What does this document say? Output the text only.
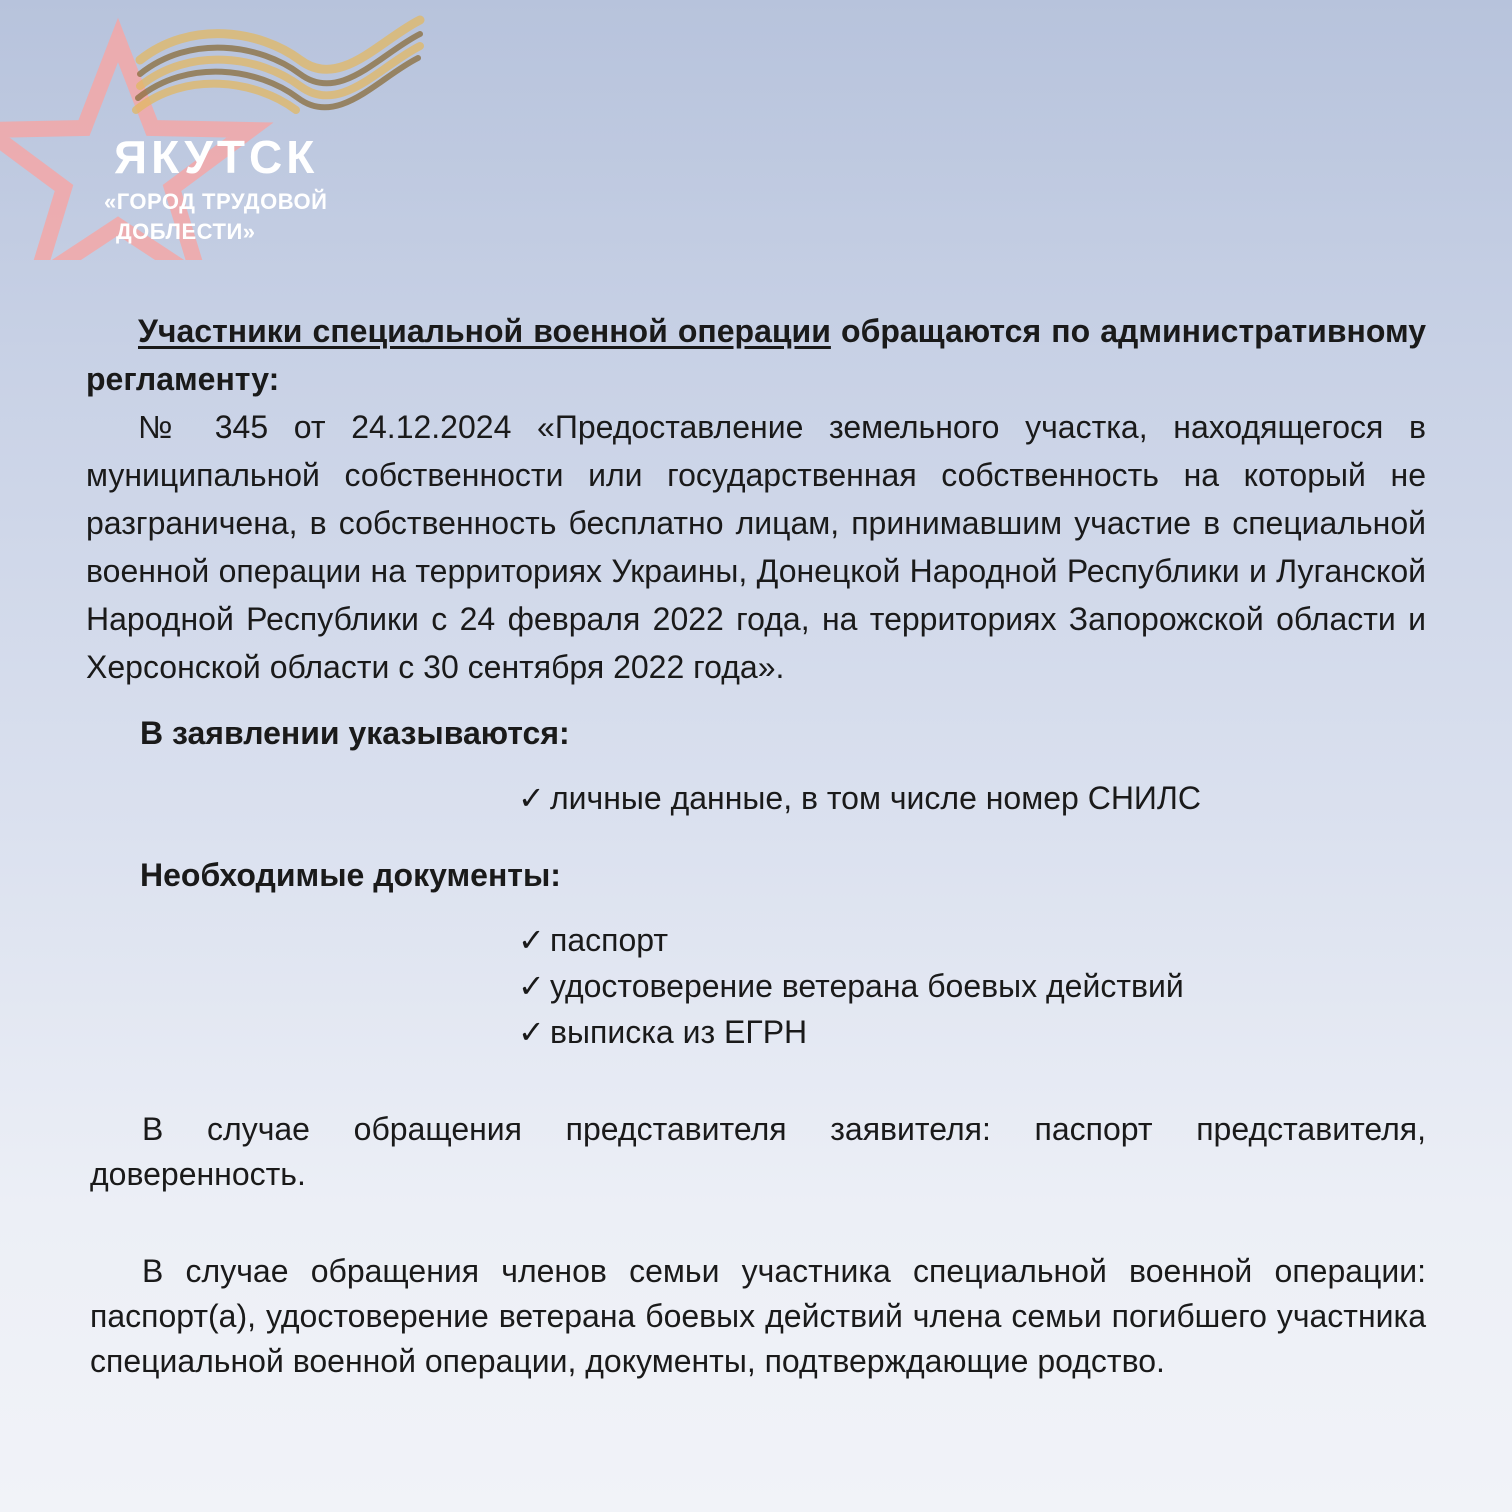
ЯКУТСК
«ГОРОД ТРУДОВОЙ
ДОБЛЕСТИ»

Участники специальной военной операции обращаются по административному регламенту:

№ 345 от 24.12.2024 «Предоставление земельного участка, находящегося в муниципальной собственности или государственная собственность на который не разграничена, в собственность бесплатно лицам, принимавшим участие в специальной военной операции на территориях Украины, Донецкой Народной Республики и Луганской Народной Республики с 24 февраля 2022 года, на территориях Запорожской области и Херсонской области с 30 сентября 2022 года».

В заявлении указываются:

✓ личные данные, в том числе номер СНИЛС

Необходимые документы:

✓ паспорт
✓ удостоверение ветерана боевых действий
✓ выписка из ЕГРН

В случае обращения представителя заявителя: паспорт представителя, доверенность.

В случае обращения членов семьи участника специальной военной операции: паспорт(а), удостоверение ветерана боевых действий члена семьи погибшего участника специальной военной операции, документы, подтверждающие родство.
